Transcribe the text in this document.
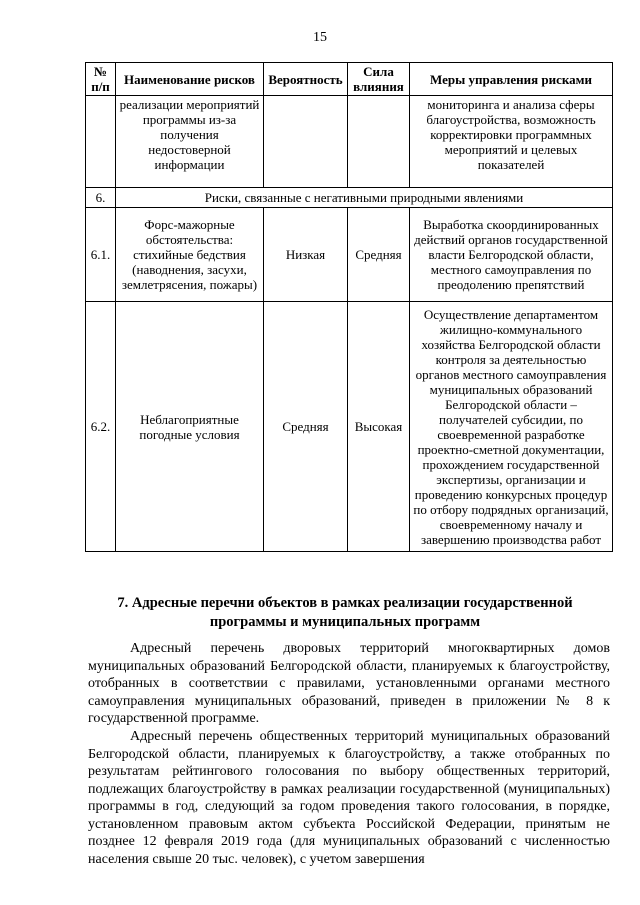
15
№ п/п	Наименование рисков	Вероятность	Сила влияния	Меры управления рисками
	реализации мероприятий программы из-за получения недостоверной информации			мониторинга и анализа сферы благоустройства, возможность корректировки программных мероприятий и целевых показателей
6.	Риски, связанные с негативными природными явлениями			
6.1.	Форс-мажорные обстоятельства: стихийные бедствия (наводнения, засухи, землетрясения, пожары)	Низкая	Средняя	Выработка скоординированных действий органов государственной власти Белгородской области, местного самоуправления по преодолению препятствий
6.2.	Неблагоприятные погодные условия	Средняя	Высокая	Осуществление департаментом жилищно-коммунального хозяйства Белгородской области контроля за деятельностью органов местного самоуправления муниципальных образований Белгородской области – получателей субсидии, по своевременной разработке проектно-сметной документации, прохождением государственной экспертизы, организации и проведению конкурсных процедур по отбору подрядных организаций, своевременному началу и завершению производства работ
7. Адресные перечни объектов в рамках реализации государственной программы и муниципальных программ

Адресный перечень дворовых территорий многоквартирных домов муниципальных образований Белгородской области, планируемых к благоустройству, отобранных в соответствии с правилами, установленными органами местного самоуправления муниципальных образований, приведен в приложении № 8 к государственной программе.

Адресный перечень общественных территорий муниципальных образований Белгородской области, планируемых к благоустройству, а также отобранных по результатам рейтингового голосования по выбору общественных территорий, подлежащих благоустройству в рамках реализации государственной (муниципальных) программы в год, следующий за годом проведения такого голосования, в порядке, установленном правовым актом субъекта Российской Федерации, принятым не позднее 12 февраля 2019 года (для муниципальных образований с численностью населения свыше 20 тыс. человек), с учетом завершения
